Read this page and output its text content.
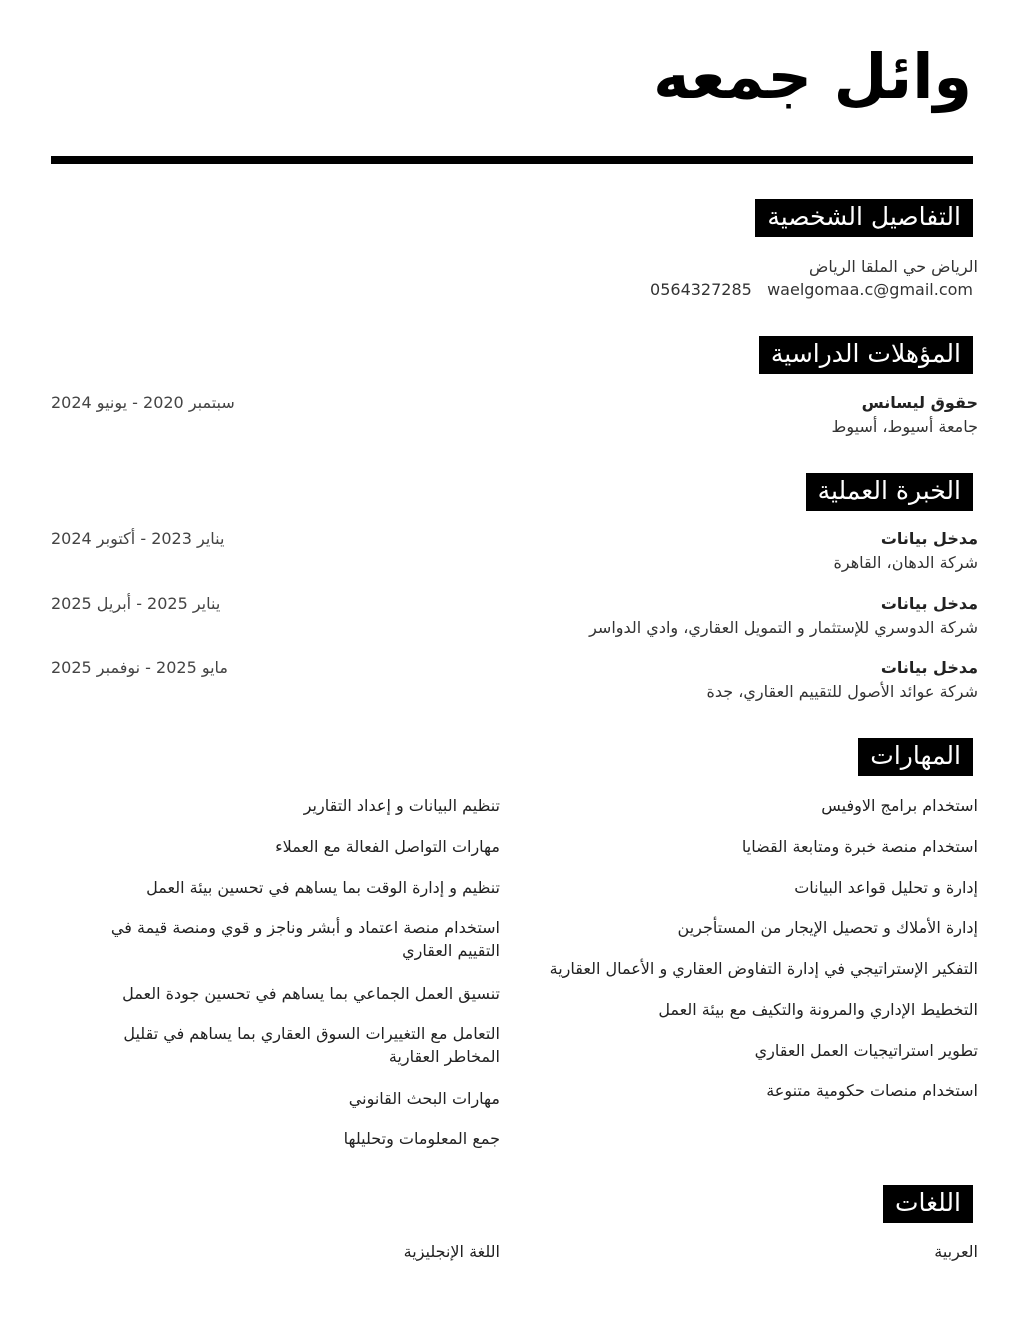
وائل جمعه
التفاصيل الشخصية
الرياض حي الملقا الرياض
0564327285 waelgomaa.c@gmail.com
المؤهلات الدراسية
حقوق ليسانس
جامعة أسيوط، أسيوط
سبتمبر 2020 - يونيو 2024
الخبرة العملية
مدخل بيانات
شركة الدهان، القاهرة
يناير 2023 - أكتوبر 2024
مدخل بيانات
شركة الدوسري للإستثمار و التمويل العقاري، وادي الدواسر
يناير 2025 - أبريل 2025
مدخل بيانات
شركة عوائد الأصول للتقييم العقاري، جدة
مايو 2025 - نوفمبر 2025
المهارات
استخدام برامج الاوفيس
استخدام منصة خبرة ومتابعة القضايا
إدارة و تحليل قواعد البيانات
إدارة الأملاك و تحصيل الإيجار من المستأجرين
التفكير الإستراتيجي في إدارة التفاوض العقاري و الأعمال العقارية
التخطيط الإداري والمرونة والتكيف مع بيئة العمل
تطوير استراتيجيات العمل العقاري
استخدام منصات حكومية متنوعة
تنظيم البيانات و إعداد التقارير
مهارات التواصل الفعالة مع العملاء
تنظيم و إدارة الوقت بما يساهم في تحسين بيئة العمل
استخدام منصة اعتماد و أبشر وناجز و قوي ومنصة قيمة في التقييم العقاري
تنسيق العمل الجماعي بما يساهم في تحسين جودة العمل
التعامل مع التغييرات السوق العقاري بما يساهم في تقليل المخاطر العقارية
مهارات البحث القانوني
جمع المعلومات وتحليلها
اللغات
العربية
اللغة الإنجليزية
